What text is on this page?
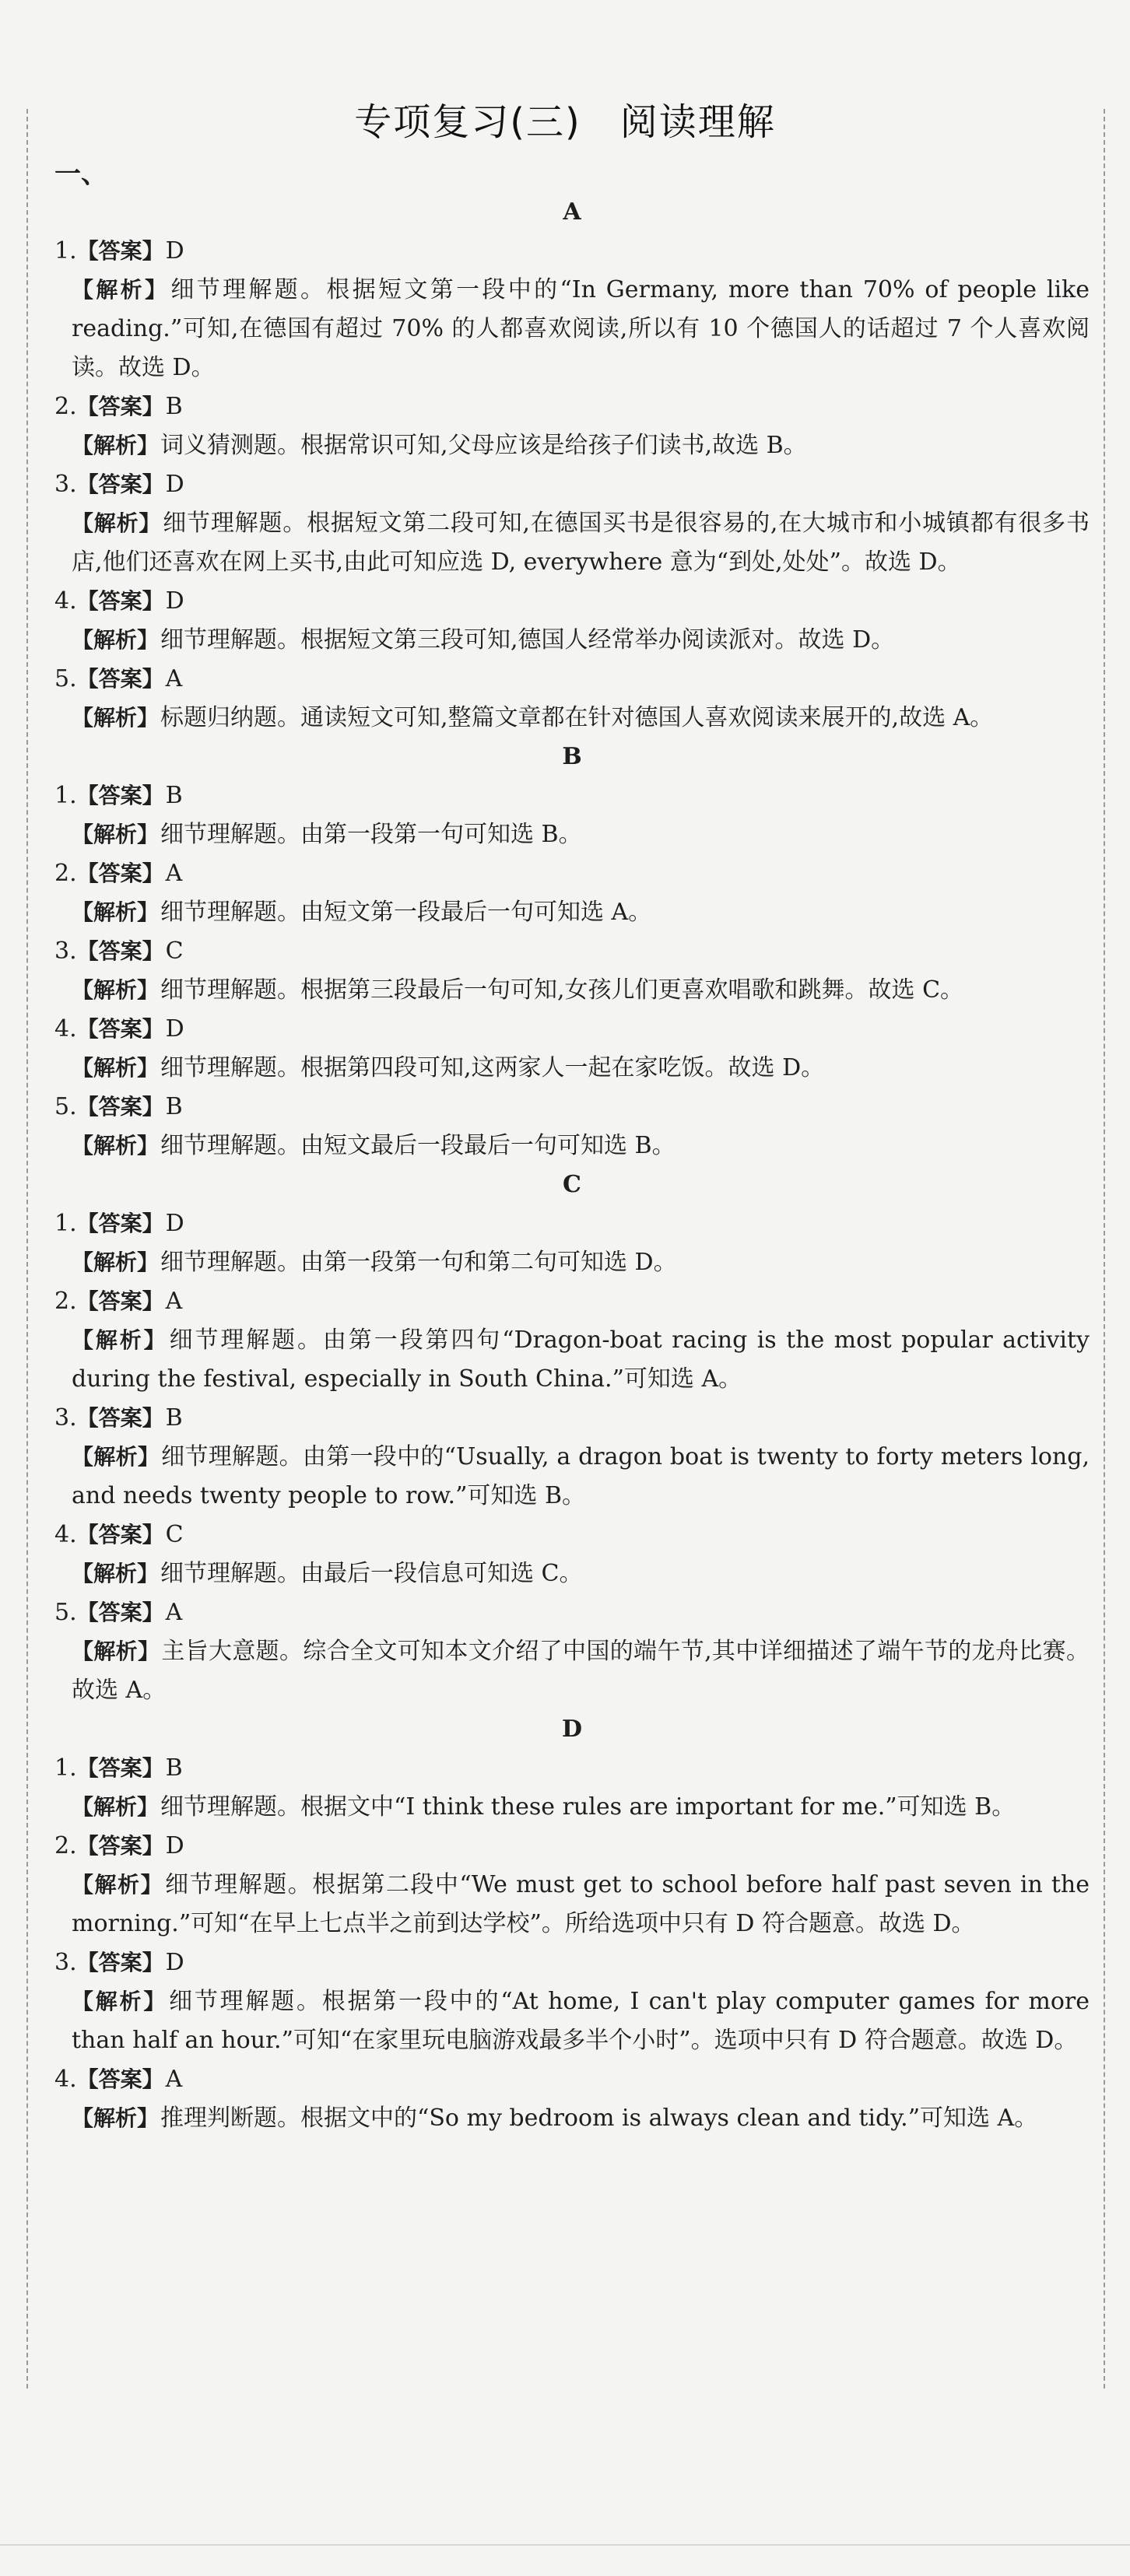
专项复习(三)　阅读理解
一、
A
1.【答案】D
【解析】细节理解题。根据短文第一段中的“In Germany, more than 70% of people like reading.”可知,在德国有超过 70% 的人都喜欢阅读,所以有 10 个德国人的话超过 7 个人喜欢阅读。故选 D。
2.【答案】B
【解析】词义猜测题。根据常识可知,父母应该是给孩子们读书,故选 B。
3.【答案】D
【解析】细节理解题。根据短文第二段可知,在德国买书是很容易的,在大城市和小城镇都有很多书店,他们还喜欢在网上买书,由此可知应选 D, everywhere 意为“到处,处处”。故选 D。
4.【答案】D
【解析】细节理解题。根据短文第三段可知,德国人经常举办阅读派对。故选 D。
5.【答案】A
【解析】标题归纳题。通读短文可知,整篇文章都在针对德国人喜欢阅读来展开的,故选 A。
B
1.【答案】B
【解析】细节理解题。由第一段第一句可知选 B。
2.【答案】A
【解析】细节理解题。由短文第一段最后一句可知选 A。
3.【答案】C
【解析】细节理解题。根据第三段最后一句可知,女孩儿们更喜欢唱歌和跳舞。故选 C。
4.【答案】D
【解析】细节理解题。根据第四段可知,这两家人一起在家吃饭。故选 D。
5.【答案】B
【解析】细节理解题。由短文最后一段最后一句可知选 B。
C
1.【答案】D
【解析】细节理解题。由第一段第一句和第二句可知选 D。
2.【答案】A
【解析】细节理解题。由第一段第四句“Dragon-boat racing is the most popular activity during the festival, especially in South China.”可知选 A。
3.【答案】B
【解析】细节理解题。由第一段中的“Usually, a dragon boat is twenty to forty meters long, and needs twenty people to row.”可知选 B。
4.【答案】C
【解析】细节理解题。由最后一段信息可知选 C。
5.【答案】A
【解析】主旨大意题。综合全文可知本文介绍了中国的端午节,其中详细描述了端午节的龙舟比赛。故选 A。
D
1.【答案】B
【解析】细节理解题。根据文中“I think these rules are important for me.”可知选 B。
2.【答案】D
【解析】细节理解题。根据第二段中“We must get to school before half past seven in the morning.”可知“在早上七点半之前到达学校”。所给选项中只有 D 符合题意。故选 D。
3.【答案】D
【解析】细节理解题。根据第一段中的“At home, I can't play computer games for more than half an hour.”可知“在家里玩电脑游戏最多半个小时”。选项中只有 D 符合题意。故选 D。
4.【答案】A
【解析】推理判断题。根据文中的“So my bedroom is always clean and tidy.”可知选 A。
